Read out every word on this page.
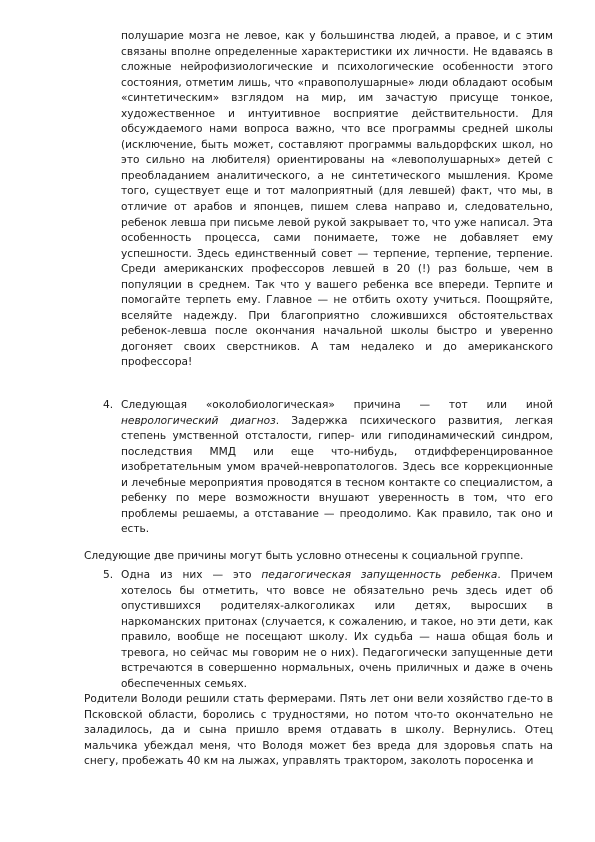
полушарие мозга не левое, как у большинства людей, а правое, и с этим связаны вполне определенные характеристики их личности. Не вдаваясь в сложные нейрофизиологические и психологические особенности этого состояния, отметим лишь, что «правополушарные» люди обладают особым «синтетическим» взглядом на мир, им зачастую присуще тонкое, художественное и интуитивное восприятие действительности. Для обсуждаемого нами вопроса важно, что все программы средней школы (исключение, быть может, составляют программы вальдорфских школ, но это сильно на любителя) ориентированы на «левополушарных» детей с преобладанием аналитического, а не синтетического мышления. Кроме того, существует еще и тот малоприятный (для левшей) факт, что мы, в отличие от арабов и японцев, пишем слева направо и, следовательно, ребенок левша при письме левой рукой закрывает то, что уже написал. Эта особенность процесса, сами понимаете, тоже не добавляет ему успешности. Здесь единственный совет — терпение, терпение, терпение. Среди американских профессоров левшей в 20 (!) раз больше, чем в популяции в среднем. Так что у вашего ребенка все впереди. Терпите и помогайте терпеть ему. Главное — не отбить охоту учиться. Поощряйте, вселяйте надежду. При благоприятно сложившихся обстоятельствах ребенок-левша после окончания начальной школы быстро и уверенно догоняет своих сверстников. А там недалеко и до американского профессора!

4. Следующая «околобиологическая» причина — тот или иной неврологический диагноз. Задержка психического развития, легкая степень умственной отсталости, гипер- или гиподинамический синдром, последствия ММД или еще что-нибудь, отдифференцированное изобретательным умом врачей-невропатологов. Здесь все коррекционные и лечебные мероприятия проводятся в тесном контакте со специалистом, а ребенку по мере возможности внушают уверенность в том, что его проблемы решаемы, а отставание — преодолимо. Как правило, так оно и есть.

Следующие две причины могут быть условно отнесены к социальной группе.

5. Одна из них — это педагогическая запущенность ребенка. Причем хотелось бы отметить, что вовсе не обязательно речь здесь идет об опустившихся родителях-алкоголиках или детях, выросших в наркоманских притонах (случается, к сожалению, и такое, но эти дети, как правило, вообще не посещают школу. Их судьба — наша общая боль и тревога, но сейчас мы говорим не о них). Педагогически запущенные дети встречаются в совершенно нормальных, очень приличных и даже в очень обеспеченных семьях.

Родители Володи решили стать фермерами. Пять лет они вели хозяйство где-то в Псковской области, боролись с трудностями, но потом что-то окончательно не заладилось, да и сына пришло время отдавать в школу. Вернулись. Отец мальчика убеждал меня, что Володя может без вреда для здоровья спать на снегу, пробежать 40 км на лыжах, управлять трактором, заколоть поросенка и
